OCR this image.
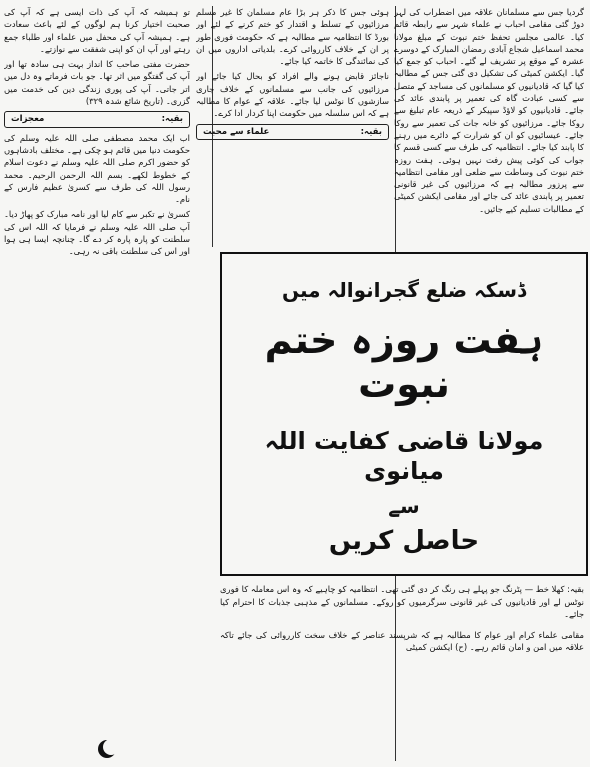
گردیا جس سے مسلمانان علاقہ میں اضطراب کی لہر دوڑ گئی مقامی احباب نے علماء شہر سے رابطہ قائم کیا۔ عالمی مجلس تحفظ ختم نبوت کے مبلغ مولانا محمد اسماعیل شجاع آبادی رمضان المبارک کے دوسرے عشرہ کے موقع پر تشریف لے گئے۔ احباب کو جمع کیا گیا۔ ایکشن کمیٹی کی تشکیل دی گئی جس کے مطالبہ کیا گیا کہ قادیانیوں کو مسلمانوں کی مساجد کے متصل سے کسی عبادت گاہ کی تعمیر پر پابندی عائد کی جائے۔ قادیانیوں کو لاؤڈ سپیکر کے ذریعہ عام تبلیغ سے روکا جائے۔ مرزائیوں کو خانہ جات کی تعمیر سے روکا جائے۔ عیسائیوں کو ان کو شرارت کے دائرے میں رہنے کا پابند کیا جائے۔ انتظامیہ کی طرف سے کسی قسم کا جواب کی کوئی پیش رفت نہیں ہوئی۔ ہفت روزہ ختم نبوت کی وساطت سے ضلعی اور مقامی انتظامیہ سے پرزور مطالبہ ہے کہ مرزائیوں کی غیر قانونی تعمیر پر پابندی عائد کی جائے اور مقامی ایکشن کمیٹی کے مطالبات تسلیم کیے جائیں۔

ہوئی جس کا ذکر ہر بڑا عام مسلمان کا غیر مسلم مرزائیوں کے تسلط و اقتدار کو ختم کرنے کے لئے اور بورڈ کا انتظامیہ سے مطالبہ ہے کہ حکومت فوری طور پر ان کے خلاف کارروائی کرے۔ بلدیاتی اداروں میں ان کی نمائندگی کا خاتمہ کیا جائے۔

ناجائز قابض ہونے والے افراد کو بحال کیا جائے اور مرزائیوں کی جانب سے مسلمانوں کے خلاف جاری سازشوں کا نوٹس لیا جائے۔ علاقہ کے عوام کا مطالبہ ہے کہ اس سلسلہ میں حکومت اپنا کردار ادا کرے۔

بقیہ:
علماء سے محبت

تو ہمیشہ کہ آپ کی ذات ایسی ہے کہ آپ کی صحبت اختیار کرنا ہم لوگوں کے لئے باعث سعادت ہے۔ ہمیشہ آپ کی محفل میں علماء اور طلباء جمع رہتے اور آپ ان کو اپنی شفقت سے نوازتے۔

حضرت مفتی صاحب کا انداز بہت ہی سادہ تھا اور آپ کی گفتگو میں اثر تھا۔ جو بات فرماتے وہ دل میں اتر جاتی۔ آپ کی پوری زندگی دین کی خدمت میں گزری۔ (تاریخ شائع شدہ ۳۲۹)

بقیہ:
معجزات

اب ایک محمد مصطفی صلی اللہ علیہ وسلم کی حکومت دنیا میں قائم ہو چکی ہے۔ مختلف بادشاہوں کو حضور اکرم صلی اللہ علیہ وسلم نے دعوت اسلام کے خطوط لکھے۔ بسم اللہ الرحمن الرحیم۔ محمد رسول اللہ کی طرف سے کسریٰ عظیم فارس کے نام۔

کسریٰ نے تکبر سے کام لیا اور نامہ مبارک کو پھاڑ دیا۔ آپ صلی اللہ علیہ وسلم نے فرمایا کہ اللہ اس کی سلطنت کو پارہ پارہ کر دے گا۔ چنانچہ ایسا ہی ہوا اور اس کی سلطنت باقی نہ رہی۔

ڈسکہ ضلع گجرانوالہ میں
ہفت روزہ ختم نبوت
مولانا قاضی کفایت اللہ میانوی
سے
حاصل کریں

بقیہ: کھلا خط — پٹرنگ جو پہلے ہی رنگ کر دی گئی تھی۔ انتظامیہ کو چاہیے کہ وہ اس معاملہ کا فوری نوٹس لے اور قادیانیوں کی غیر قانونی سرگرمیوں کو روکے۔ مسلمانوں کے مذہبی جذبات کا احترام کیا جائے۔

مقامی علماء کرام اور عوام کا مطالبہ ہے کہ شرپسند عناصر کے خلاف سخت کارروائی کی جائے تاکہ علاقہ میں امن و امان قائم رہے۔ (ح) ایکشن کمیٹی
